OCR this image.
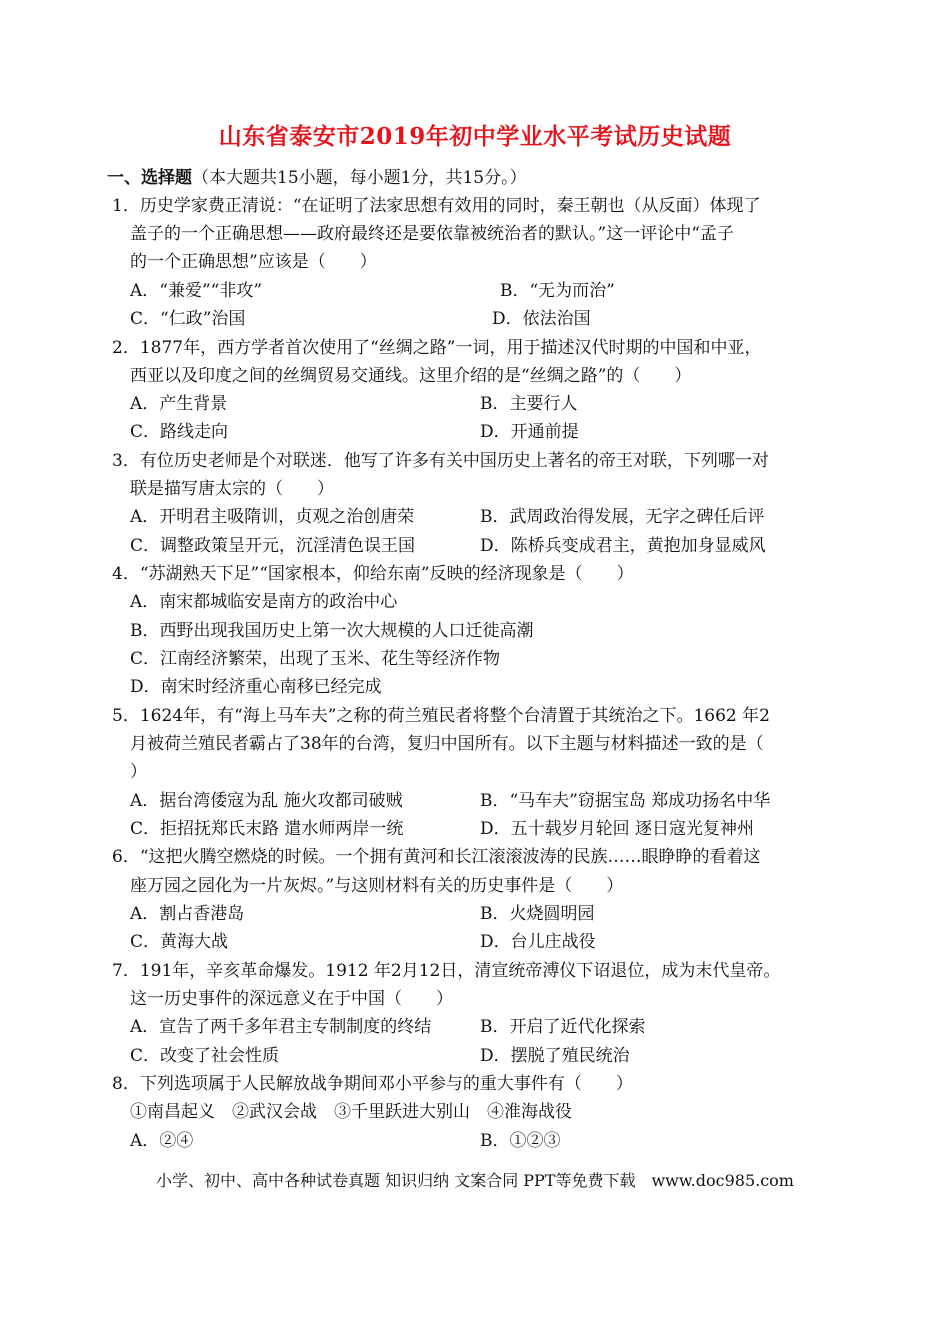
山东省泰安市2019年初中学业水平考试历史试题
一、选择题（本大题共15小题，每小题1分，共15分。）
1．历史学家费正清说：“在证明了法家思想有效用的同时，秦王朝也（从反面）体现了
盖子的一个正确思想——政府最终还是要依靠被统治者的默认。”这一评论中“孟子
的一个正确思想”应该是（　　）
A．“兼爱”“非攻”	B．“无为而治”
C．“仁政”治国	D．依法治国
2．1877年，西方学者首次使用了“丝绸之路”一词，用于描述汉代时期的中国和中亚，
西亚以及印度之间的丝绸贸易交通线。这里介绍的是“丝绸之路”的（　　）
A．产生背景	B．主要行人
C．路线走向	D．开通前提
3．有位历史老师是个对联迷．他写了许多有关中国历史上著名的帝王对联，下列哪一对
联是描写唐太宗的（　　）
A．开明君主吸隋训，贞观之治创唐荣	B．武周政治得发展，无字之碑任后评
C．调整政策呈开元，沉淫清色误王国	D．陈桥兵变成君主，黄抱加身显威风
4．“苏湖熟天下足”“国家根本，仰给东南”反映的经济现象是（　　）
A．南宋都城临安是南方的政治中心
B．西野出现我国历史上第一次大规模的人口迁徙高潮
C．江南经济繁荣，出现了玉米、花生等经济作物
D．南宋时经济重心南移已经完成
5．1624年，有“海上马车夫”之称的荷兰殖民者将整个台清置于其统治之下。1662 年2
月被荷兰殖民者霸占了38年的台湾，复归中国所有。以下主题与材料描述一致的是（
）
A．据台湾倭寇为乱 施火攻都司破贼	B．“马车夫”窃据宝岛 郑成功扬名中华
C．拒招抚郑氏末路 遣水师两岸一统	D．五十载岁月轮回 逐日寇光复神州
6．“这把火腾空燃烧的时候。一个拥有黄河和长江滚滚波涛的民族……眼睁睁的看着这
座万园之园化为一片灰烬。”与这则材料有关的历史事件是（　　）
A．割占香港岛	B．火烧圆明园
C．黄海大战	D．台儿庄战役
7．191年，辛亥革命爆发。1912 年2月12日，清宣统帝溥仪下诏退位，成为末代皇帝。
这一历史事件的深远意义在于中国（　　）
A．宣告了两千多年君主专制制度的终结	B．开启了近代化探索
C．改变了社会性质	D．摆脱了殖民统治
8．下列选项属于人民解放战争期间邓小平参与的重大事件有（　　）
①南昌起义　②武汉会战　③千里跃进大别山　④淮海战役
A．②④	B．①②③
小学、初中、高中各种试卷真题 知识归纳 文案合同 PPT等免费下载　www.doc985.com
